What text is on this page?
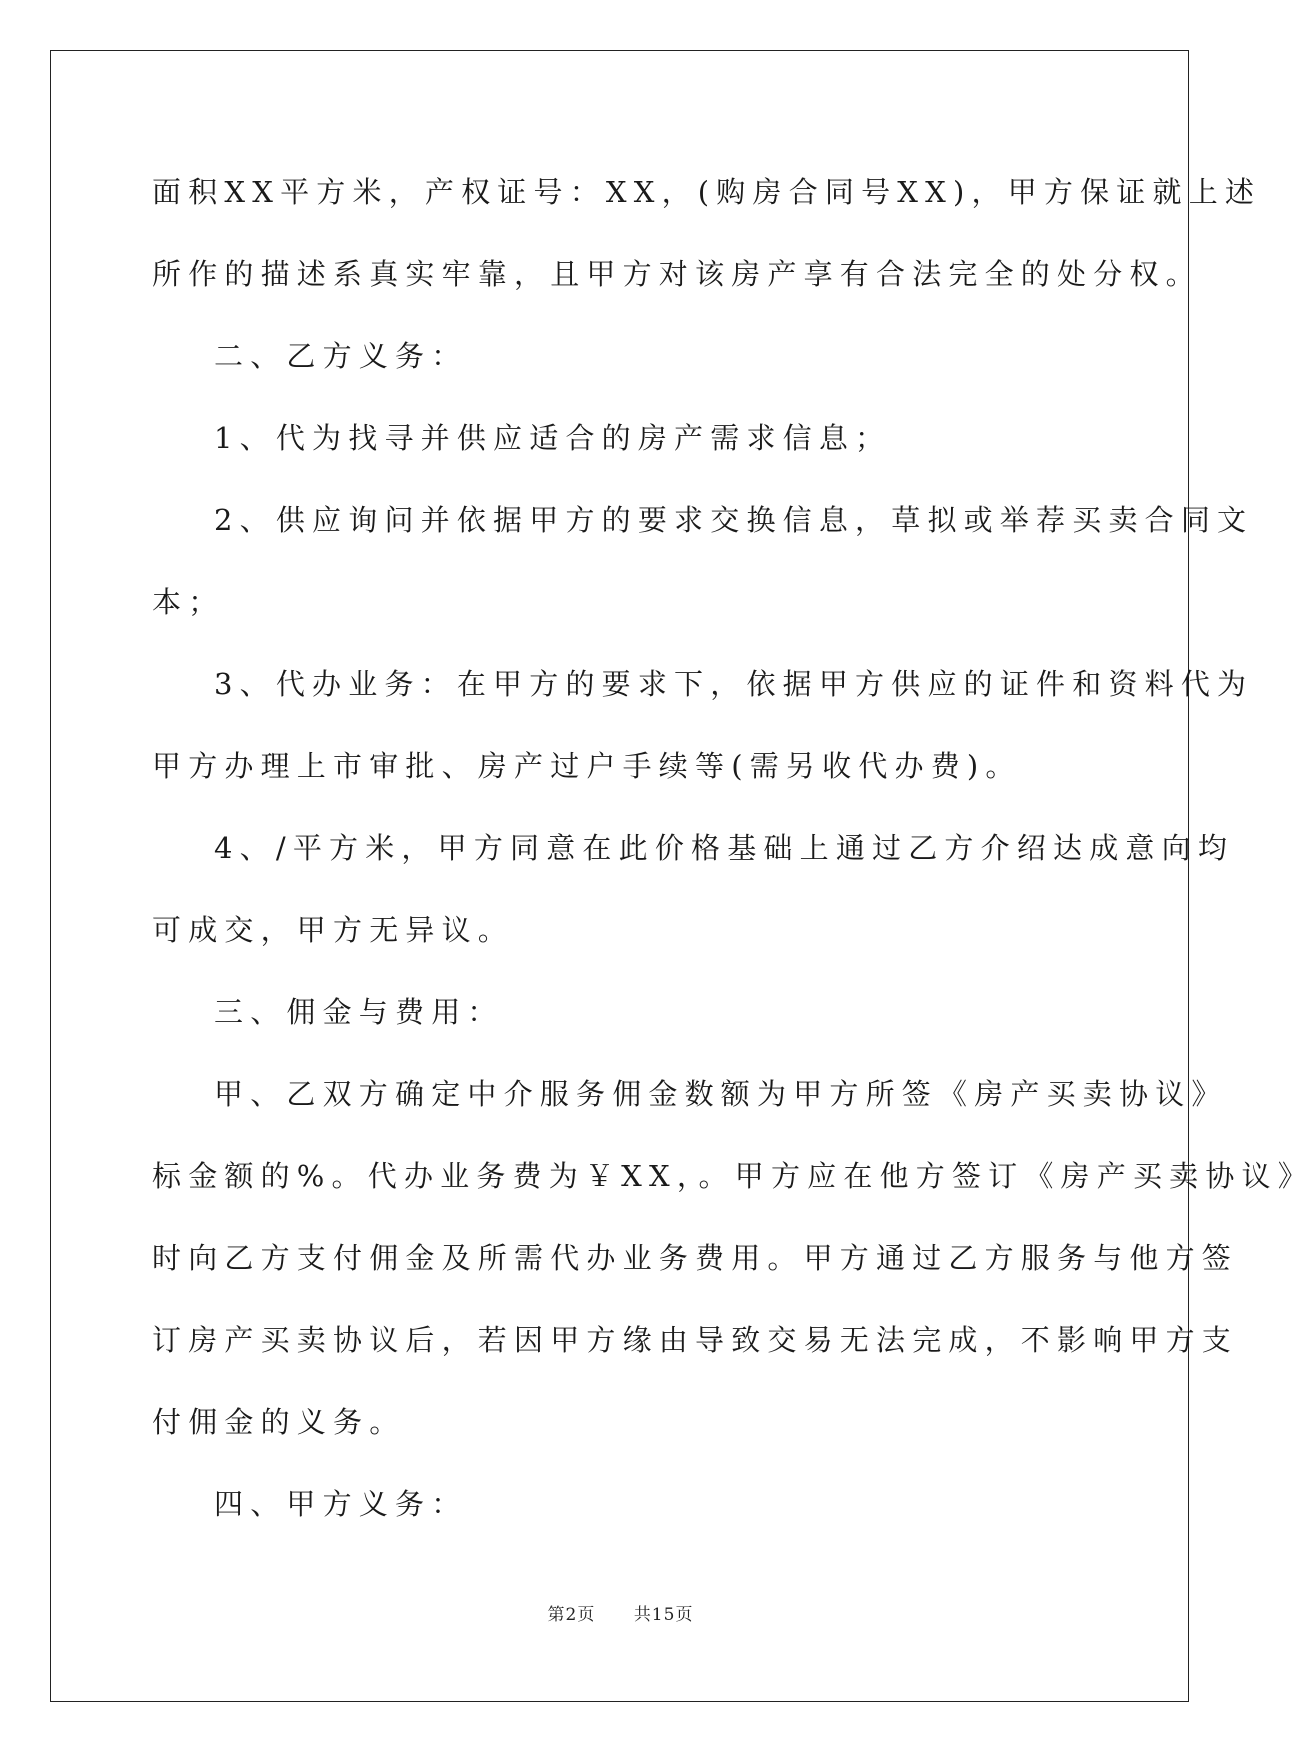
面积XX平方米，产权证号：XX，(购房合同号XX)，甲方保证就上述
所作的描述系真实牢靠，且甲方对该房产享有合法完全的处分权。
二、乙方义务：
1、代为找寻并供应适合的房产需求信息；
2、供应询问并依据甲方的要求交换信息，草拟或举荐买卖合同文
本；
3、代办业务：在甲方的要求下，依据甲方供应的证件和资料代为
甲方办理上市审批、房产过户手续等(需另收代办费)。
4、/平方米，甲方同意在此价格基础上通过乙方介绍达成意向均
可成交，甲方无异议。
三、佣金与费用：
甲、乙双方确定中介服务佣金数额为甲方所签《房产买卖协议》
标金额的%。代办业务费为￥XX，。甲方应在他方签订《房产买卖协议》
时向乙方支付佣金及所需代办业务费用。甲方通过乙方服务与他方签
订房产买卖协议后，若因甲方缘由导致交易无法完成，不影响甲方支
付佣金的义务。
四、甲方义务：
第2页 共15页
